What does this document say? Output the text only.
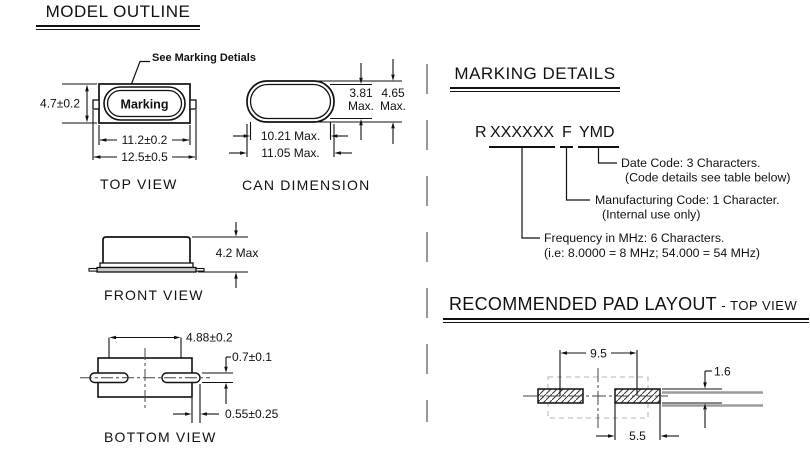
MODEL OUTLINE
MARKING DETAILS
RECOMMENDED PAD LAYOUT - TOP VIEW
See Marking Detials
Marking
4.7±0.2
11.2±0.2
12.5±0.5
TOP VIEW
3.81
Max.
4.65
Max.
10.21 Max.
11.05 Max.
CAN DIMENSION
4.2 Max
FRONT VIEW
4.88±0.2
0.7±0.1
0.55±0.25
BOTTOM VIEW
R XXXXXX F YMD
Date Code: 3 Characters.
(Code details see table below)
Manufacturing Code: 1 Character.
(Internal use only)
Frequency in MHz: 6 Characters.
(i.e: 8.0000 = 8 MHz; 54.000 = 54 MHz)
9.5
1.6
5.5
